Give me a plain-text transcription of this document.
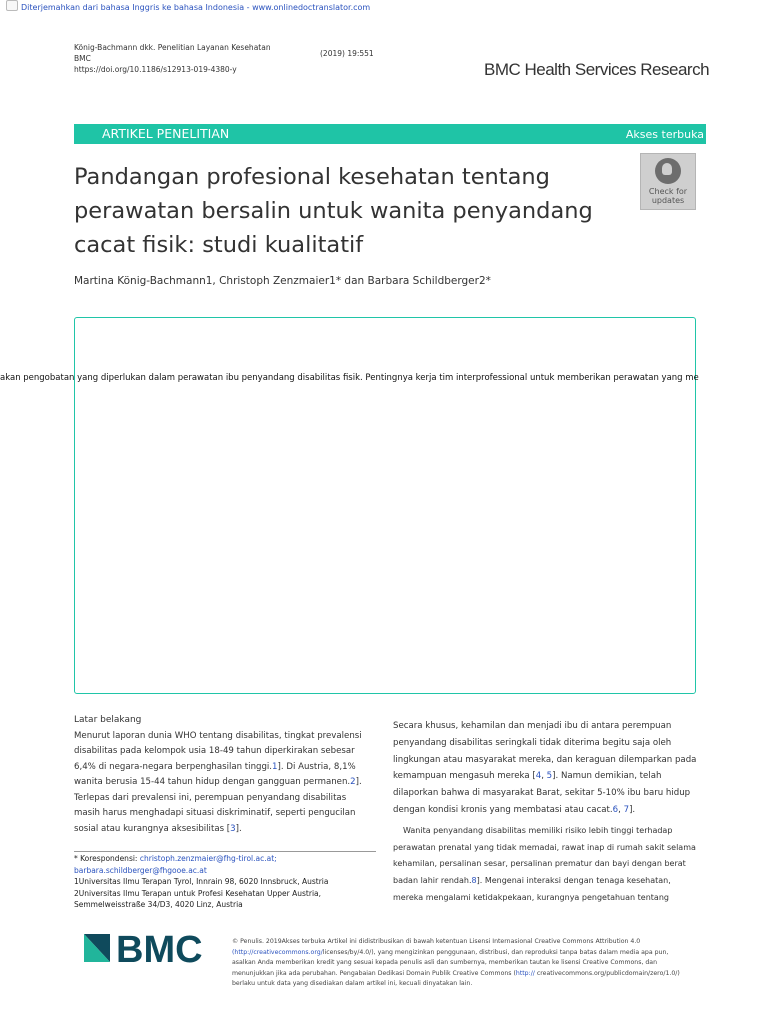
Diterjemahkan dari bahasa Inggris ke bahasa Indonesia - www.onlinedoctranslator.com
König-Bachmann dkk. Penelitian Layanan Kesehatan
BMC
https://doi.org/10.1186/s12913-019-4380-y
(2019) 19:551
BMC Health Services Research
ARTIKEL PENELITIAN	Akses terbuka
Pandangan profesional kesehatan tentang
perawatan bersalin untuk wanita penyandang
cacat fisik: studi kualitatif
Check for
updates
Martina König-Bachmann1, Christoph Zenzmaier1* dan Barbara Schildberger2*
akan pengobatan yang diperlukan dalam perawatan ibu penyandang disabilitas fisik. Pentingnya kerja tim interprofessional untuk memberikan perawatan yang me
Latar belakang
Menurut laporan dunia WHO tentang disabilitas, tingkat prevalensi disabilitas pada kelompok usia 18-49 tahun diperkirakan sebesar 6,4% di negara-negara berpenghasilan tinggi.1]. Di Austria, 8,1% wanita berusia 15-44 tahun hidup dengan gangguan permanen.2]. Terlepas dari prevalensi ini, perempuan penyandang disabilitas masih harus menghadapi situasi diskriminatif, seperti pengucilan sosial atau kurangnya aksesibilitas [3].
Secara khusus, kehamilan dan menjadi ibu di antara perempuan penyandang disabilitas seringkali tidak diterima begitu saja oleh lingkungan atau masyarakat mereka, dan keraguan dilemparkan pada kemampuan mengasuh mereka [4, 5]. Namun demikian, telah dilaporkan bahwa di masyarakat Barat, sekitar 5-10% ibu baru hidup dengan kondisi kronis yang membatasi atau cacat.6, 7].
Wanita penyandang disabilitas memiliki risiko lebih tinggi terhadap perawatan prenatal yang tidak memadai, rawat inap di rumah sakit selama kehamilan, persalinan sesar, persalinan prematur dan bayi dengan berat badan lahir rendah.8]. Mengenai interaksi dengan tenaga kesehatan, mereka mengalami ketidakpekaan, kurangnya pengetahuan tentang
* Korespondensi: christoph.zenzmaier@fhg-tirol.ac.at;
barbara.schildberger@fhgooe.ac.at
1Universitas Ilmu Terapan Tyrol, Innrain 98, 6020 Innsbruck, Austria
2Universitas Ilmu Terapan untuk Profesi Kesehatan Upper Austria, Semmelweisstraße 34/D3, 4020 Linz, Austria
BMC	© Penulis. 2019Akses terbuka Artikel ini didistribusikan di bawah ketentuan Lisensi Internasional Creative Commons Attribution 4.0 (http://creativecommons.org/licenses/by/4.0/), yang mengizinkan penggunaan, distribusi, dan reproduksi tanpa batas dalam media apa pun, asalkan Anda memberikan kredit yang sesuai kepada penulis asli dan sumbernya, memberikan tautan ke lisensi Creative Commons, dan menunjukkan jika ada perubahan. Pengabaian Dedikasi Domain Publik Creative Commons (http:// creativecommons.org/publicdomain/zero/1.0/) berlaku untuk data yang disediakan dalam artikel ini, kecuali dinyatakan lain.
